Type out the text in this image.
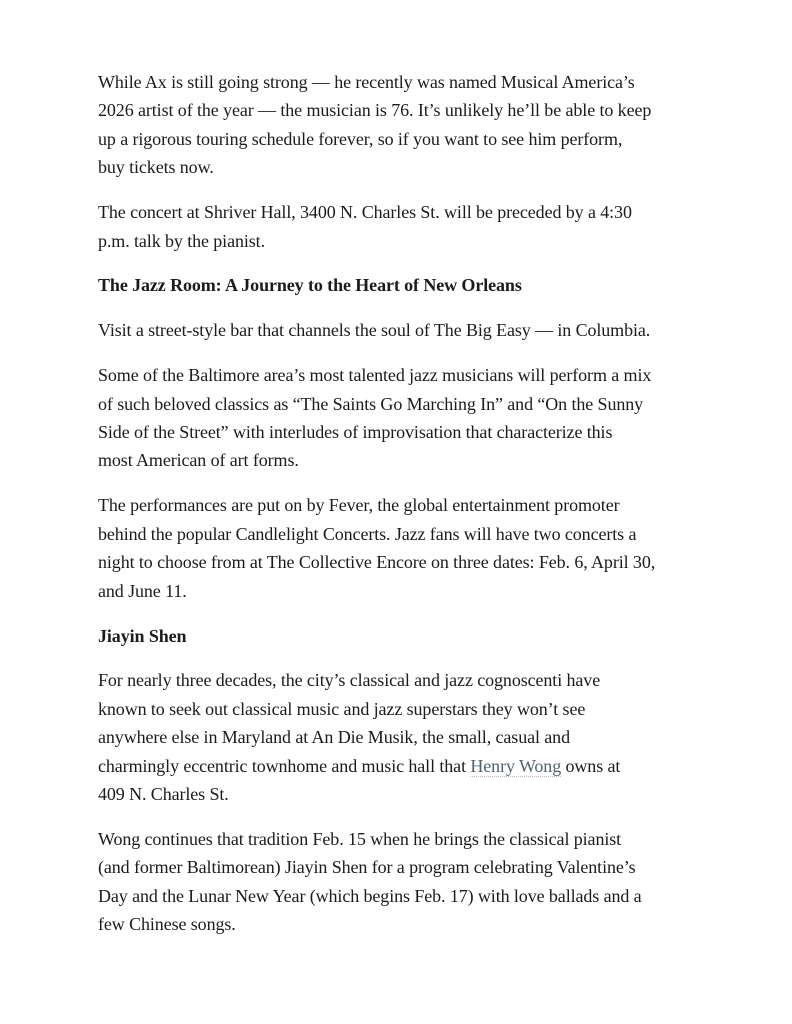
While Ax is still going strong — he recently was named Musical America’s
2026 artist of the year — the musician is 76. It’s unlikely he’ll be able to keep
up a rigorous touring schedule forever, so if you want to see him perform,
buy tickets now.

The concert at Shriver Hall, 3400 N. Charles St. will be preceded by a 4:30
p.m. talk by the pianist.

The Jazz Room: A Journey to the Heart of New Orleans

Visit a street-style bar that channels the soul of The Big Easy — in Columbia.

Some of the Baltimore area’s most talented jazz musicians will perform a mix
of such beloved classics as “The Saints Go Marching In” and “On the Sunny
Side of the Street” with interludes of improvisation that characterize this
most American of art forms.

The performances are put on by Fever, the global entertainment promoter
behind the popular Candlelight Concerts. Jazz fans will have two concerts a
night to choose from at The Collective Encore on three dates: Feb. 6, April 30,
and June 11.

Jiayin Shen

For nearly three decades, the city’s classical and jazz cognoscenti have
known to seek out classical music and jazz superstars they won’t see
anywhere else in Maryland at An Die Musik, the small, casual and
charmingly eccentric townhome and music hall that Henry Wong owns at
409 N. Charles St.

Wong continues that tradition Feb. 15 when he brings the classical pianist
(and former Baltimorean) Jiayin Shen for a program celebrating Valentine’s
Day and the Lunar New Year (which begins Feb. 17) with love ballads and a
few Chinese songs.
